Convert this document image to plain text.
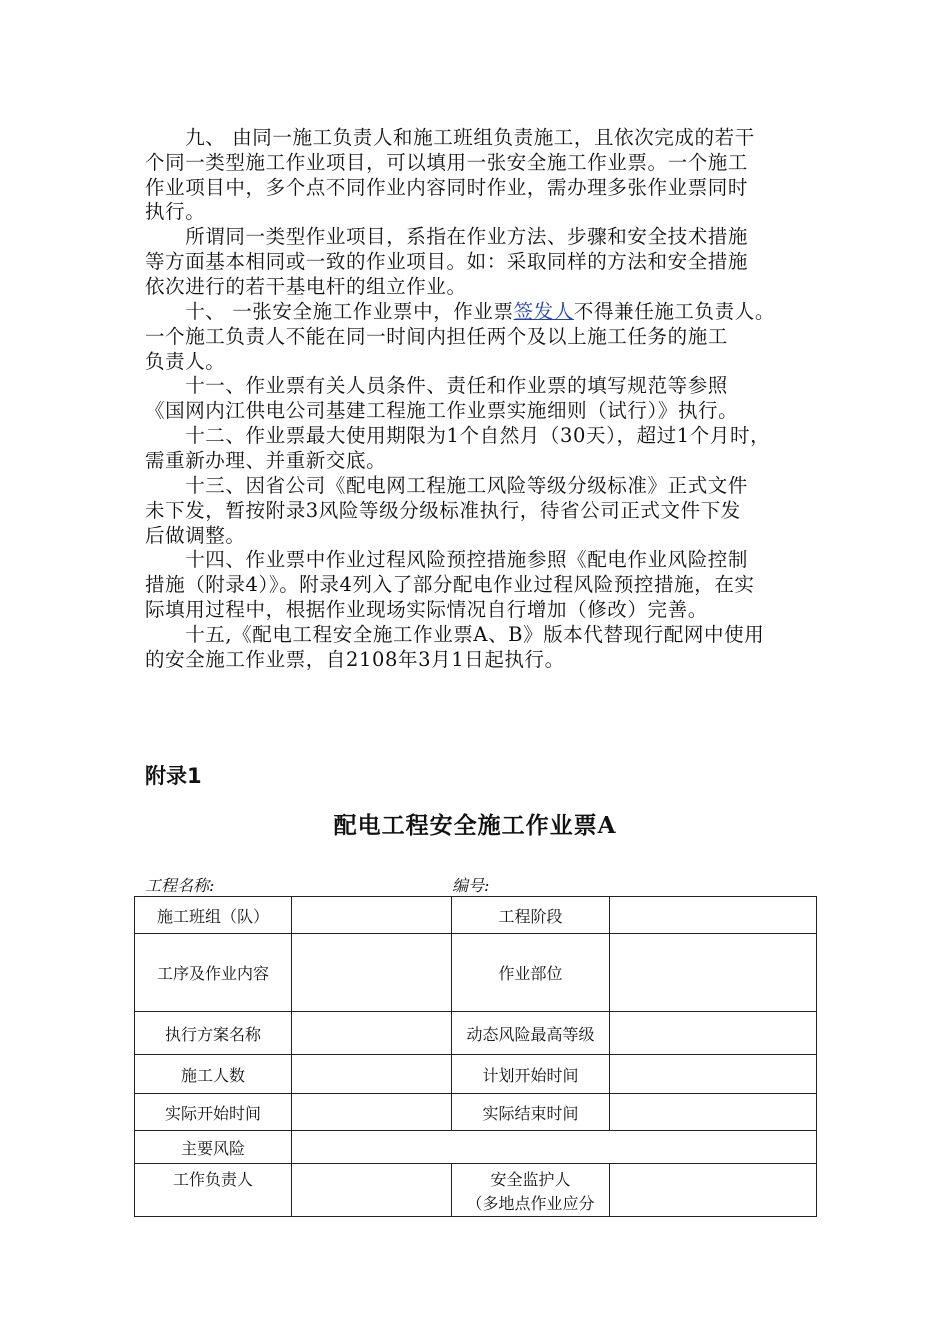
　　九、 由同一施工负责人和施工班组负责施工，且依次完成的若干
个同一类型施工作业项目，可以填用一张安全施工作业票。一个施工
作业项目中，多个点不同作业内容同时作业，需办理多张作业票同时
执行。
　　所谓同一类型作业项目，系指在作业方法、步骤和安全技术措施
等方面基本相同或一致的作业项目。如：采取同样的方法和安全措施
依次进行的若干基电杆的组立作业。
　　十、 一张安全施工作业票中，作业票签发人不得兼任施工负责人。
一个施工负责人不能在同一时间内担任两个及以上施工任务的施工
负责人。
　　十一、作业票有关人员条件、责任和作业票的填写规范等参照
《国网内江供电公司基建工程施工作业票实施细则（试行）》执行。
　　十二、作业票最大使用期限为1个自然月（30天），超过1个月时，
需重新办理、并重新交底。
　　十三、因省公司《配电网工程施工风险等级分级标准》正式文件
未下发，暂按附录3风险等级分级标准执行，待省公司正式文件下发
后做调整。
　　十四、作业票中作业过程风险预控措施参照《配电作业风险控制
措施（附录4）》。附录4列入了部分配电作业过程风险预控措施，在实
际填用过程中，根据作业现场实际情况自行增加（修改）完善。
　　十五,《配电工程安全施工作业票A、B》版本代替现行配网中使用
的安全施工作业票，自2108年3月1日起执行。
附录1
配电工程安全施工作业票A
工程名称:	编号:
施工班组（队）		工程阶段	
工序及作业内容		作业部位	
执行方案名称		动态风险最高等级	
施工人数		计划开始时间	
实际开始时间		实际结束时间	
主要风险			
工作负责人		安全监护人
（多地点作业应分	
